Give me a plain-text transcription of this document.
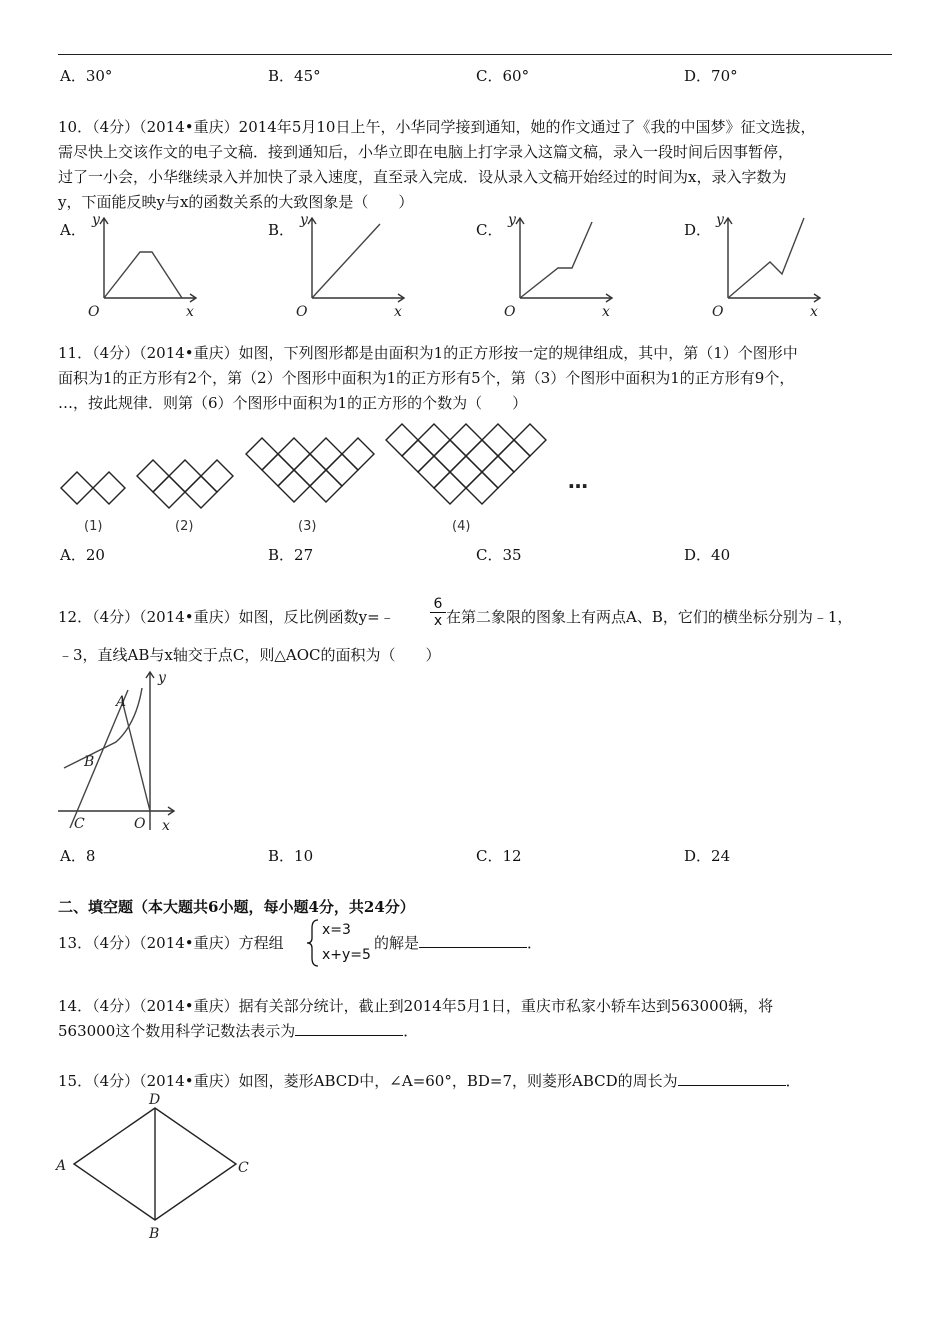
A．30°	B．45°	C．60°	D．70°
10．（4分）（2014•重庆）2014年5月10日上午，小华同学接到通知，她的作文通过了《我的中国梦》征文选拔，
需尽快上交该作文的电子文稿．接到通知后，小华立即在电脑上打字录入这篇文稿，录入一段时间后因事暂停，
过了一小会，小华继续录入并加快了录入速度，直至录入完成．设从录入文稿开始经过的时间为x，录入字数为
y，下面能反映y与x的函数关系的大致图象是（　　）
A．	B．	C．	D．
O	x
y
O	x
y
O	x
y
O	x
y
11．（4分）（2014•重庆）如图，下列图形都是由面积为1的正方形按一定的规律组成，其中，第（1）个图形中
面积为1的正方形有2个，第（2）个图形中面积为1的正方形有5个，第（3）个图形中面积为1的正方形有9个，
…，按此规律．则第（6）个图形中面积为1的正方形的个数为（　　）
(1)	(2)	(3)	(4)
…
A．20	B．27	C．35	D．40
12．（4分）（2014•重庆）如图，反比例函数y=﹣	$\frac{6}{x}$ 在第二象限的图象上有两点A、B，它们的横坐标分别为﹣1，
﹣3，直线AB与x轴交于点C，则△AOC的面积为（　　）
A
B
C	O x
y
A．8	B．10	C．12	D．24
二、填空题（本大题共6小题，每小题4分，共24分）
13．（4分）（2014•重庆）方程组
x=3
x+y=5
的解是	．
14．（4分）（2014•重庆）据有关部分统计，截止到2014年5月1日，重庆市私家小轿车达到563000辆，将
563000这个数用科学记数法表示为	．
15．（4分）（2014•重庆）如图，菱形ABCD中，∠A=60°，BD=7，则菱形ABCD的周长为	．
A
D
C
B
